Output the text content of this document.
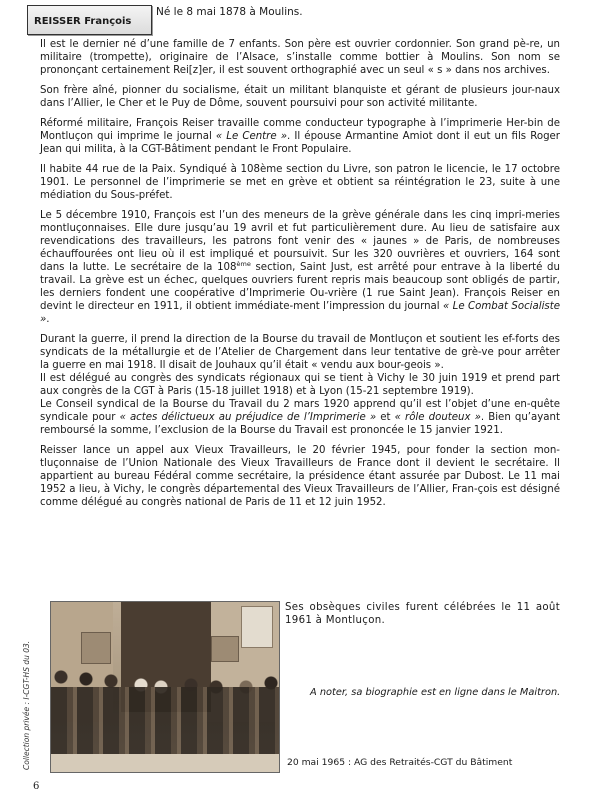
REISSER François
Né le 8 mai 1878 à Moulins.

Il est le dernier né d’une famille de 7 enfants. Son père est ouvrier cordonnier. Son grand pè-re, un militaire (trompette), originaire de l’Alsace, s’installe comme bottier à Moulins. Son nom se prononçant certainement Rei[z]er, il est souvent orthographié avec un seul « s » dans nos archives.

Son frère aîné, pionner du socialisme, était un militant blanquiste et gérant de plusieurs jour-naux dans l’Allier, le Cher et le Puy de Dôme, souvent poursuivi pour son activité militante.

Réformé militaire, François Reiser travaille comme conducteur typographe à l’imprimerie Her-bin de Montluçon qui imprime le journal « Le Centre ». Il épouse Armantine Amiot dont il eut un fils Roger Jean qui milita, à la CGT-Bâtiment pendant le Front Populaire.

Il habite 44 rue de la Paix. Syndiqué à 108ème section du Livre, son patron le licencie, le 17 octobre 1901. Le personnel de l’imprimerie se met en grève et obtient sa réintégration le 23, suite à une médiation du Sous-préfet.

Le 5 décembre 1910, François est l’un des meneurs de la grève générale dans les cinq impri-meries montluçonnaises. Elle dure jusqu’au 19 avril et fut particulièrement dure. Au lieu de satisfaire aux revendications des travailleurs, les patrons font venir des « jaunes » de Paris, de nombreuses échauffourées ont lieu où il est impliqué et poursuivit. Sur les 320 ouvrières et ouvriers, 164 sont dans la lutte. Le secrétaire de la 108ème section, Saint Just, est arrêté pour entrave à la liberté du travail. La grève est un échec, quelques ouvriers furent repris mais beaucoup sont obligés de partir, les derniers fondent une coopérative d’Imprimerie Ou-vrière (1 rue Saint Jean). François Reiser en devint le directeur en 1911, il obtient immédiate-ment l’impression du journal « Le Combat Socialiste ».

Durant la guerre, il prend la direction de la Bourse du travail de Montluçon et soutient les ef-forts des syndicats de la métallurgie et de l’Atelier de Chargement dans leur tentative de grè-ve pour arrêter la guerre en mai 1918. Il disait de Jouhaux qu’il était « vendu aux bour-geois ».

Il est délégué au congrès des syndicats régionaux qui se tient à Vichy le 30 juin 1919 et prend part aux congrès de la CGT à Paris (15-18 juillet 1918) et à Lyon (15-21 septembre 1919).

Le Conseil syndical de la Bourse du Travail du 2 mars 1920 apprend qu’il est l’objet d’une en-quête syndicale pour « actes délictueux au préjudice de l’Imprimerie » et « rôle douteux ». Bien qu’ayant remboursé la somme, l’exclusion de la Bourse du Travail est prononcée le 15 janvier 1921.

Reisser lance un appel aux Vieux Travailleurs, le 20 février 1945, pour fonder la section mon-tluçonnaise de l’Union Nationale des Vieux Travailleurs de France dont il devient le secrétaire. Il appartient au bureau Fédéral comme secrétaire, la présidence étant assurée par Dubost. Le 11 mai 1952 a lieu, à Vichy, le congrès départemental des Vieux Travailleurs de l’Allier, Fran-çois est désigné comme délégué au congrès national de Paris de 11 et 12 juin 1952.

Collection privée : I-CGT-HS du 03.
6
Ses obsèques civiles furent célébrées le 11 août 1961 à Montluçon.
A noter, sa biographie est en ligne dans le Maitron.
20 mai 1965 : AG des Retraités-CGT du Bâtiment
